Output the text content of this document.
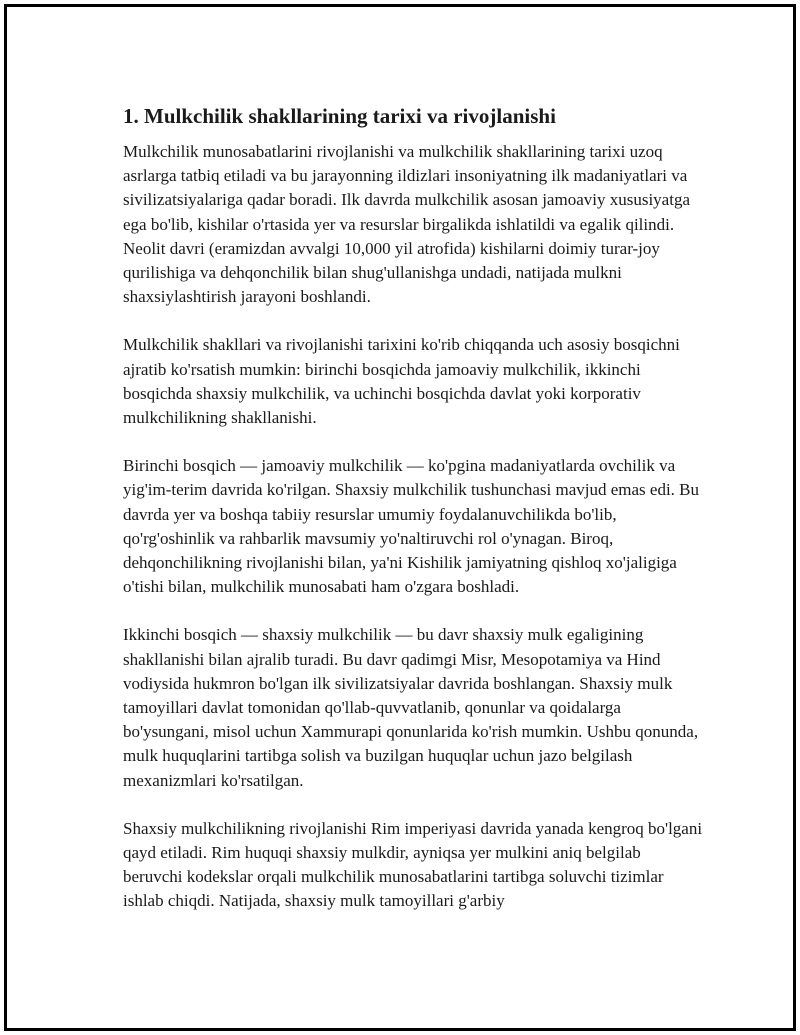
1. Mulkchilik shakllarining tarixi va rivojlanishi

Mulkchilik munosabatlarini rivojlanishi va mulkchilik shakllarining tarixi uzoq asrlarga tatbiq etiladi va bu jarayonning ildizlari insoniyatning ilk madaniyatlari va sivilizatsiyalariga qadar boradi. Ilk davrda mulkchilik asosan jamoaviy xususiyatga ega bo'lib, kishilar o'rtasida yer va resurslar birgalikda ishlatildi va egalik qilindi. Neolit davri (eramizdan avvalgi 10,000 yil atrofida) kishilarni doimiy turar-joy qurilishiga va dehqonchilik bilan shug'ullanishga undadi, natijada mulkni shaxsiylashtirish jarayoni boshlandi.

Mulkchilik shakllari va rivojlanishi tarixini ko'rib chiqqanda uch asosiy bosqichni ajratib ko'rsatish mumkin: birinchi bosqichda jamoaviy mulkchilik, ikkinchi bosqichda shaxsiy mulkchilik, va uchinchi bosqichda davlat yoki korporativ mulkchilikning shakllanishi.

Birinchi bosqich — jamoaviy mulkchilik — ko'pgina madaniyatlarda ovchilik va yig'im-terim davrida ko'rilgan. Shaxsiy mulkchilik tushunchasi mavjud emas edi. Bu davrda yer va boshqa tabiiy resurslar umumiy foydalanuvchilikda bo'lib, qo'rg'oshinlik va rahbarlik mavsumiy yo'naltiruvchi rol o'ynagan. Biroq, dehqonchilikning rivojlanishi bilan, ya'ni Kishilik jamiyatning qishloq xo'jaligiga o'tishi bilan, mulkchilik munosabati ham o'zgara boshladi.

Ikkinchi bosqich — shaxsiy mulkchilik — bu davr shaxsiy mulk egaligining shakllanishi bilan ajralib turadi. Bu davr qadimgi Misr, Mesopotamiya va Hind vodiysida hukmron bo'lgan ilk sivilizatsiyalar davrida boshlangan. Shaxsiy mulk tamoyillari davlat tomonidan qo'llab-quvvatlanib, qonunlar va qoidalarga bo'ysungani, misol uchun Xammurapi qonunlarida ko'rish mumkin. Ushbu qonunda, mulk huquqlarini tartibga solish va buzilgan huquqlar uchun jazo belgilash mexanizmlari ko'rsatilgan.

Shaxsiy mulkchilikning rivojlanishi Rim imperiyasi davrida yanada kengroq bo'lgani qayd etiladi. Rim huquqi shaxsiy mulkdir, ayniqsa yer mulkini aniq belgilab beruvchi kodekslar orqali mulkchilik munosabatlarini tartibga soluvchi tizimlar ishlab chiqdi. Natijada, shaxsiy mulk tamoyillari g'arbiy
